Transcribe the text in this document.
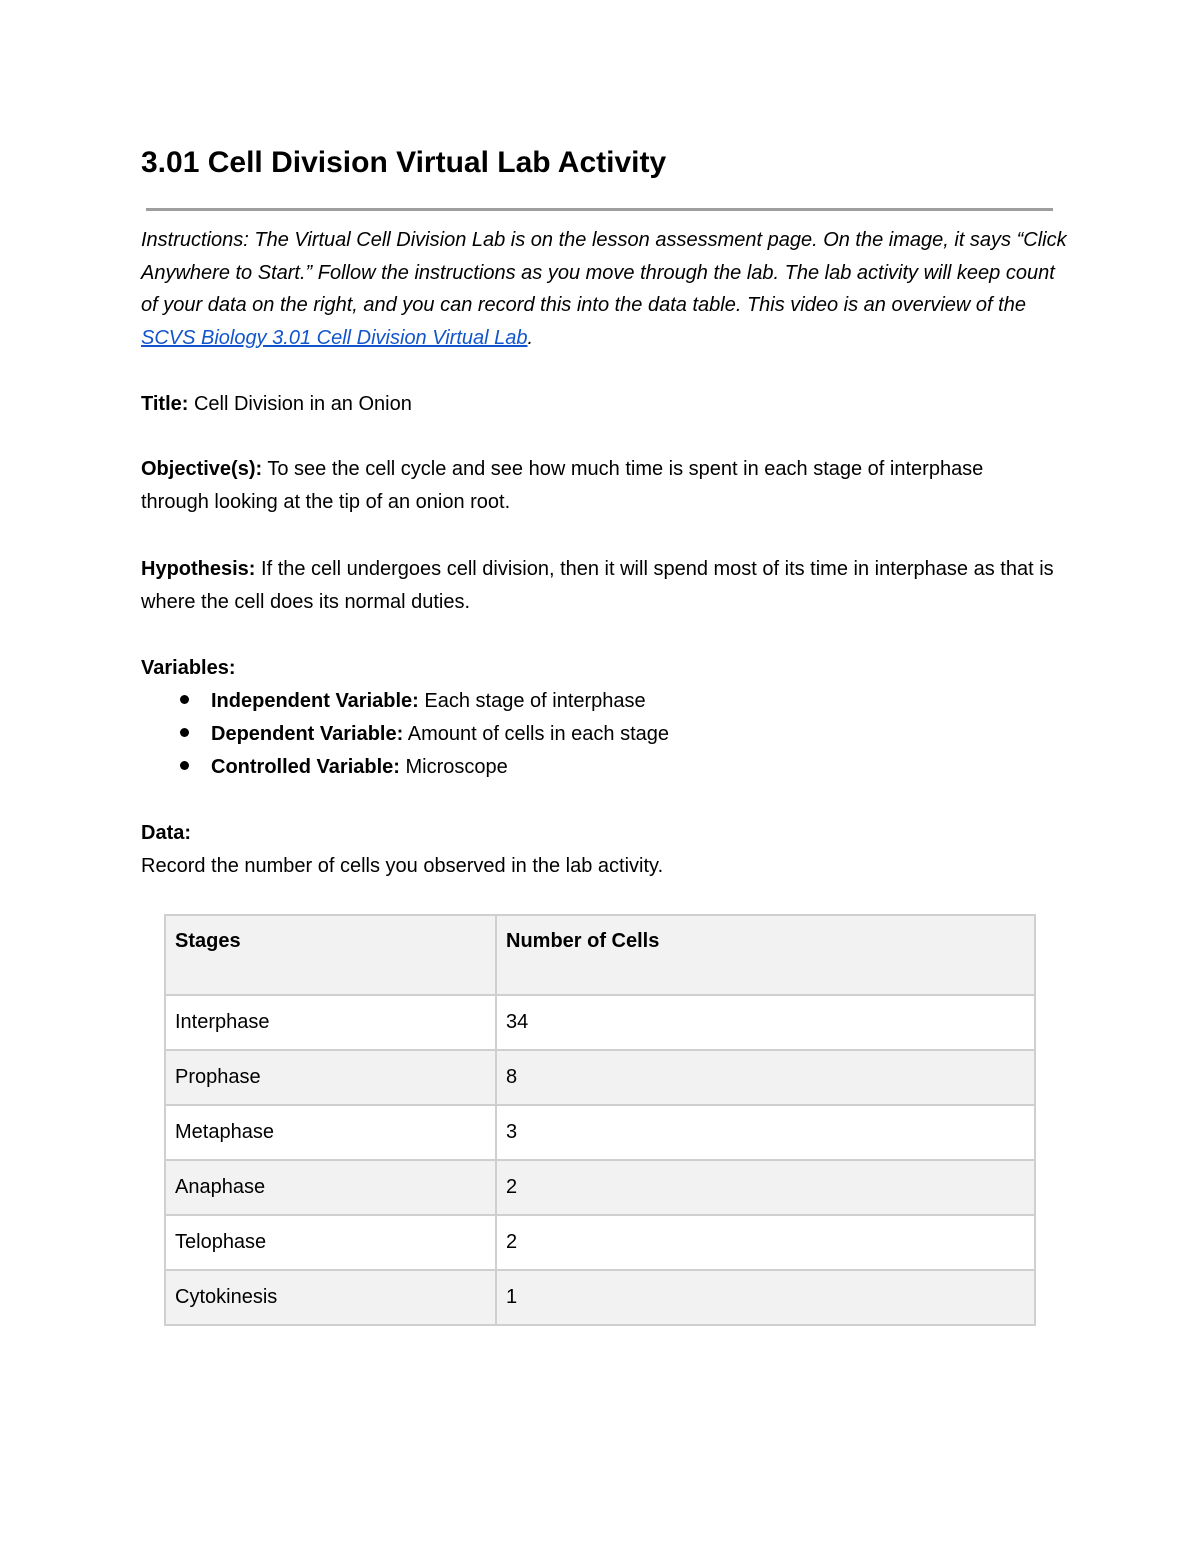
3.01 Cell Division Virtual Lab Activity

Instructions: The Virtual Cell Division Lab is on the lesson assessment page. On the image, it says “Click Anywhere to Start.” Follow the instructions as you move through the lab. The lab activity will keep count of your data on the right, and you can record this into the data table. This video is an overview of the SCVS Biology 3.01 Cell Division Virtual Lab.

Title: Cell Division in an Onion

Objective(s): To see the cell cycle and see how much time is spent in each stage of interphase through looking at the tip of an onion root.

Hypothesis: If the cell undergoes cell division, then it will spend most of its time in interphase as that is where the cell does its normal duties.

Variables:

Independent Variable: Each stage of interphase
Dependent Variable: Amount of cells in each stage
Controlled Variable: Microscope

Data:

Record the number of cells you observed in the lab activity.

Stages	Number of Cells
Interphase	34
Prophase	8
Metaphase	3
Anaphase	2
Telophase	2
Cytokinesis	1
